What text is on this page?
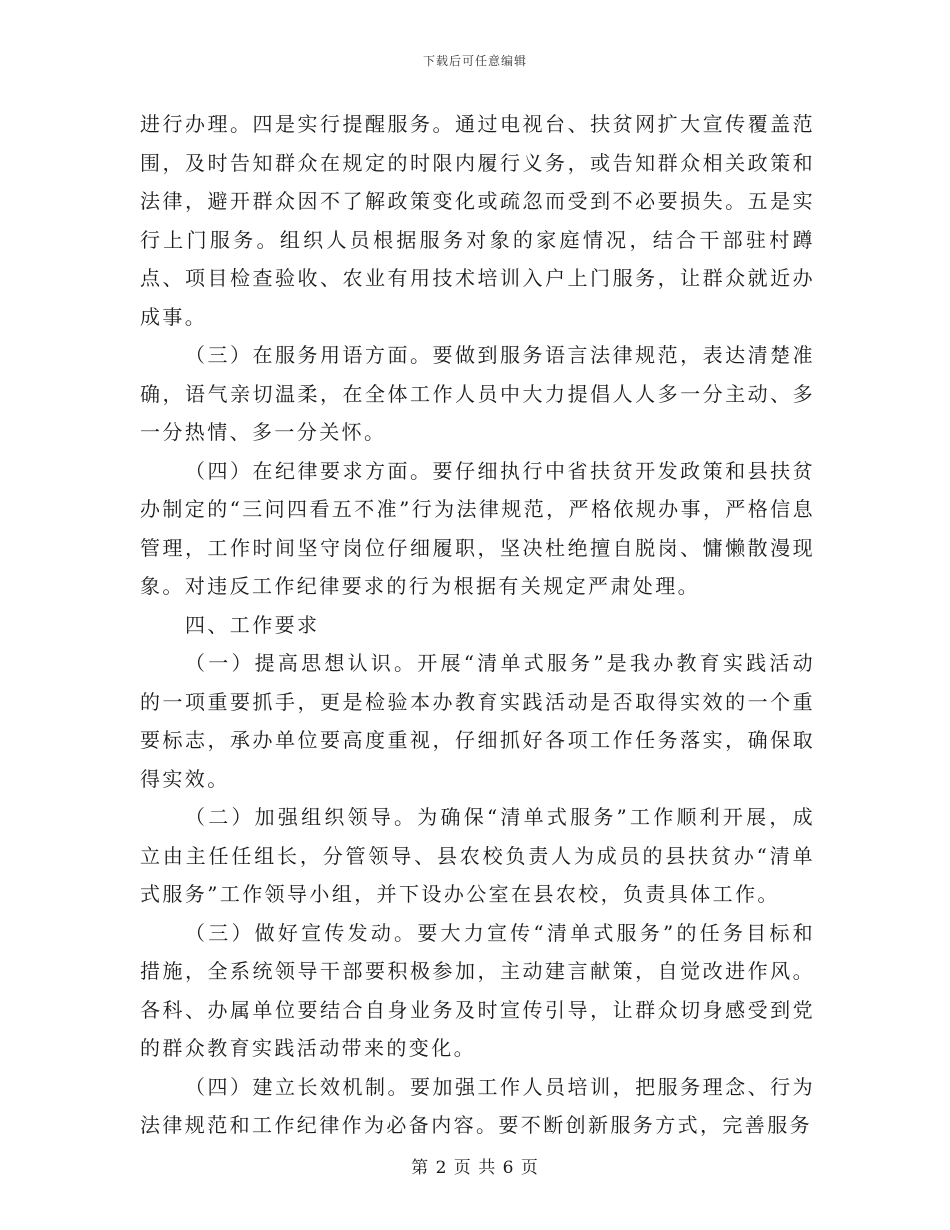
下载后可任意编辑

进行办理。四是实行提醒服务。通过电视台、扶贫网扩大宣传覆盖范围，及时告知群众在规定的时限内履行义务，或告知群众相关政策和法律，避开群众因不了解政策变化或疏忽而受到不必要损失。五是实行上门服务。组织人员根据服务对象的家庭情况，结合干部驻村蹲点、项目检查验收、农业有用技术培训入户上门服务，让群众就近办成事。

（三）在服务用语方面。要做到服务语言法律规范，表达清楚准确，语气亲切温柔，在全体工作人员中大力提倡人人多一分主动、多一分热情、多一分关怀。

（四）在纪律要求方面。要仔细执行中省扶贫开发政策和县扶贫办制定的“三问四看五不准”行为法律规范，严格依规办事，严格信息管理，工作时间坚守岗位仔细履职，坚决杜绝擅自脱岗、慵懒散漫现象。对违反工作纪律要求的行为根据有关规定严肃处理。

四、工作要求

（一）提高思想认识。开展“清单式服务”是我办教育实践活动的一项重要抓手，更是检验本办教育实践活动是否取得实效的一个重要标志，承办单位要高度重视，仔细抓好各项工作任务落实，确保取得实效。

（二）加强组织领导。为确保“清单式服务”工作顺利开展，成立由主任任组长，分管领导、县农校负责人为成员的县扶贫办“清单式服务”工作领导小组，并下设办公室在县农校，负责具体工作。

（三）做好宣传发动。要大力宣传“清单式服务”的任务目标和措施，全系统领导干部要积极参加，主动建言献策，自觉改进作风。各科、办属单位要结合自身业务及时宣传引导，让群众切身感受到党的群众教育实践活动带来的变化。

（四）建立长效机制。要加强工作人员培训，把服务理念、行为法律规范和工作纪律作为必备内容。要不断创新服务方式，完善服务

第 2 页 共 6 页
